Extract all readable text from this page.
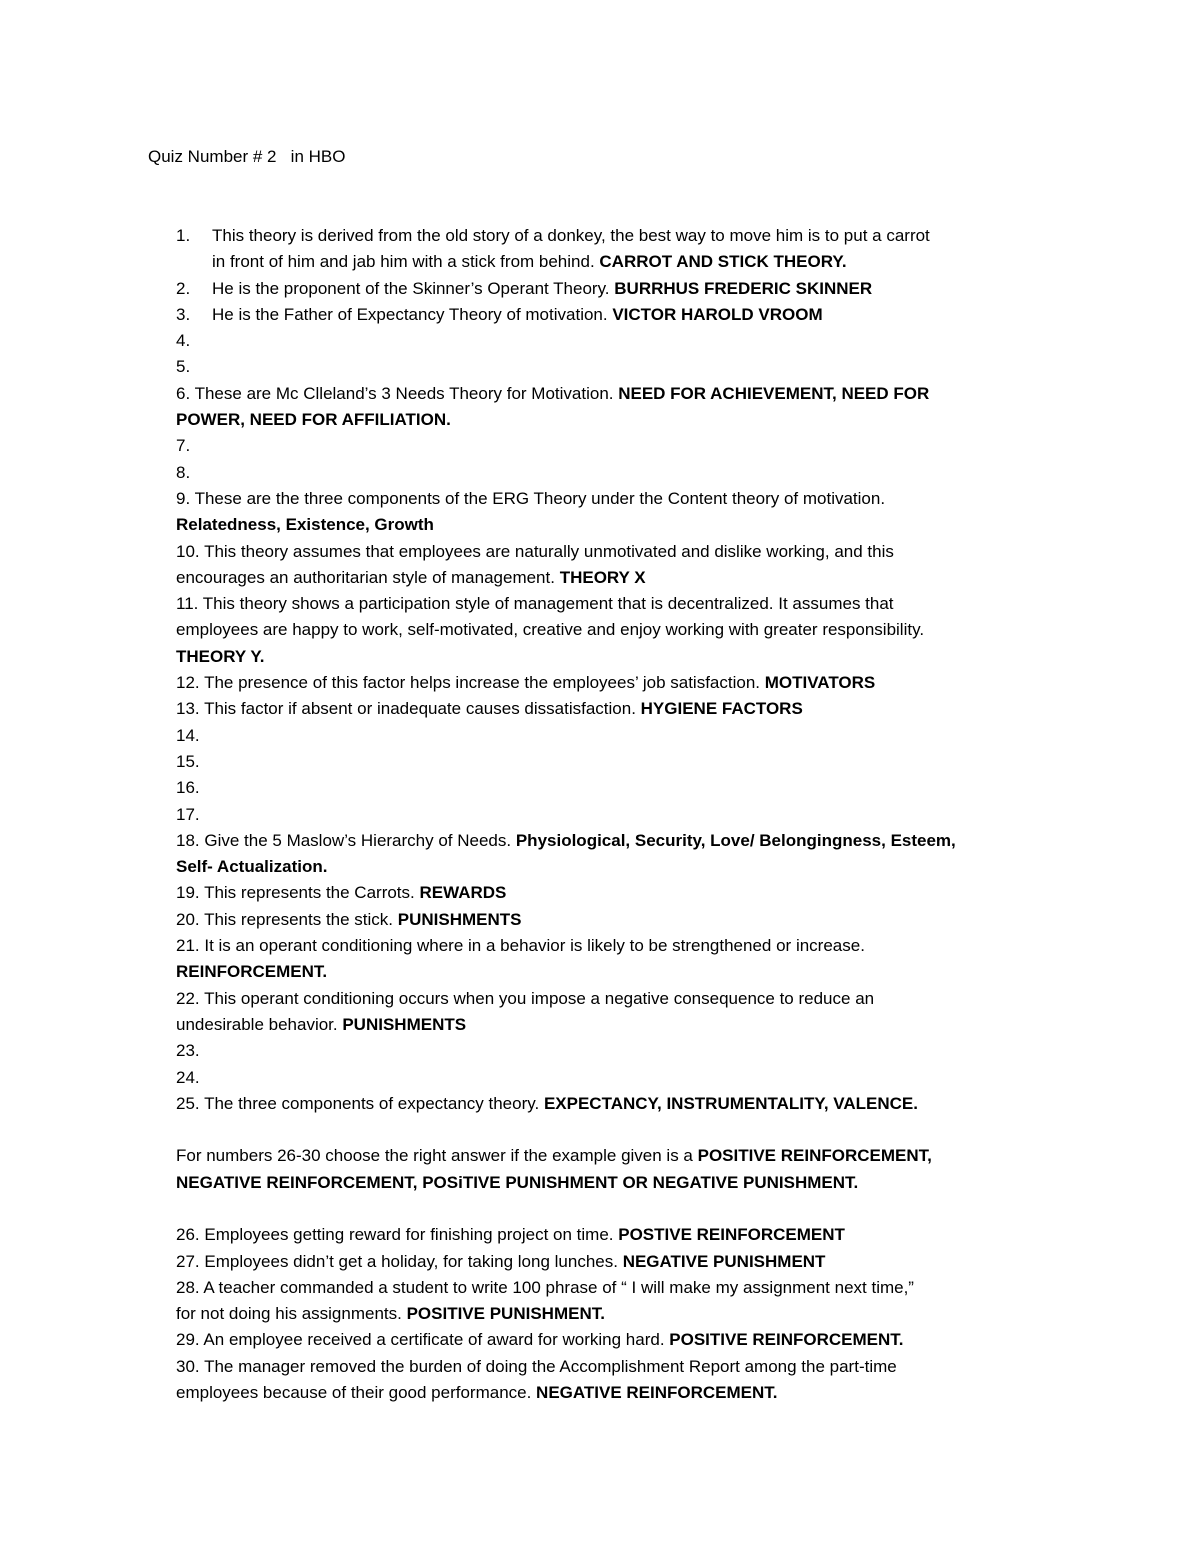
Quiz Number # 2   in HBO
1.	This theory is derived from the old story of a donkey, the best way to move him is to put a carrot
in front of him and jab him with a stick from behind. CARROT AND STICK THEORY.
2.	He is the proponent of the Skinner’s Operant Theory. BURRHUS FREDERIC SKINNER
3.	He is the Father of Expectancy Theory of motivation. VICTOR HAROLD VROOM
4.
5.
6. These are Mc Clleland’s 3 Needs Theory for Motivation. NEED FOR ACHIEVEMENT, NEED FOR
POWER, NEED FOR AFFILIATION.
7.
8.
9. These are the three components of the ERG Theory under the Content theory of motivation.
Relatedness, Existence, Growth
10. This theory assumes that employees are naturally unmotivated and dislike working, and this
encourages an authoritarian style of management. THEORY X
11. This theory shows a participation style of management that is decentralized. It assumes that
employees are happy to work, self-motivated, creative and enjoy working with greater responsibility.
THEORY Y.
12. The presence of this factor helps increase the employees’ job satisfaction. MOTIVATORS
13. This factor if absent or inadequate causes dissatisfaction. HYGIENE FACTORS
14.
15.
16.
17.
18. Give the 5 Maslow’s Hierarchy of Needs. Physiological, Security, Love/ Belongingness, Esteem,
Self- Actualization.
19. This represents the Carrots. REWARDS
20. This represents the stick. PUNISHMENTS
21. It is an operant conditioning where in a behavior is likely to be strengthened or increase.
REINFORCEMENT.
22. This operant conditioning occurs when you impose a negative consequence to reduce an
undesirable behavior. PUNISHMENTS
23.
24.
25. The three components of expectancy theory. EXPECTANCY, INSTRUMENTALITY, VALENCE.
For numbers 26-30 choose the right answer if the example given is a POSITIVE REINFORCEMENT,
NEGATIVE REINFORCEMENT, POSiTIVE PUNISHMENT OR NEGATIVE PUNISHMENT.
26. Employees getting reward for finishing project on time. POSTIVE REINFORCEMENT
27. Employees didn’t get a holiday, for taking long lunches. NEGATIVE PUNISHMENT
28. A teacher commanded a student to write 100 phrase of “ I will make my assignment next time,”
for not doing his assignments. POSITIVE PUNISHMENT.
29. An employee received a certificate of award for working hard. POSITIVE REINFORCEMENT.
30. The manager removed the burden of doing the Accomplishment Report among the part-time
employees because of their good performance. NEGATIVE REINFORCEMENT.
